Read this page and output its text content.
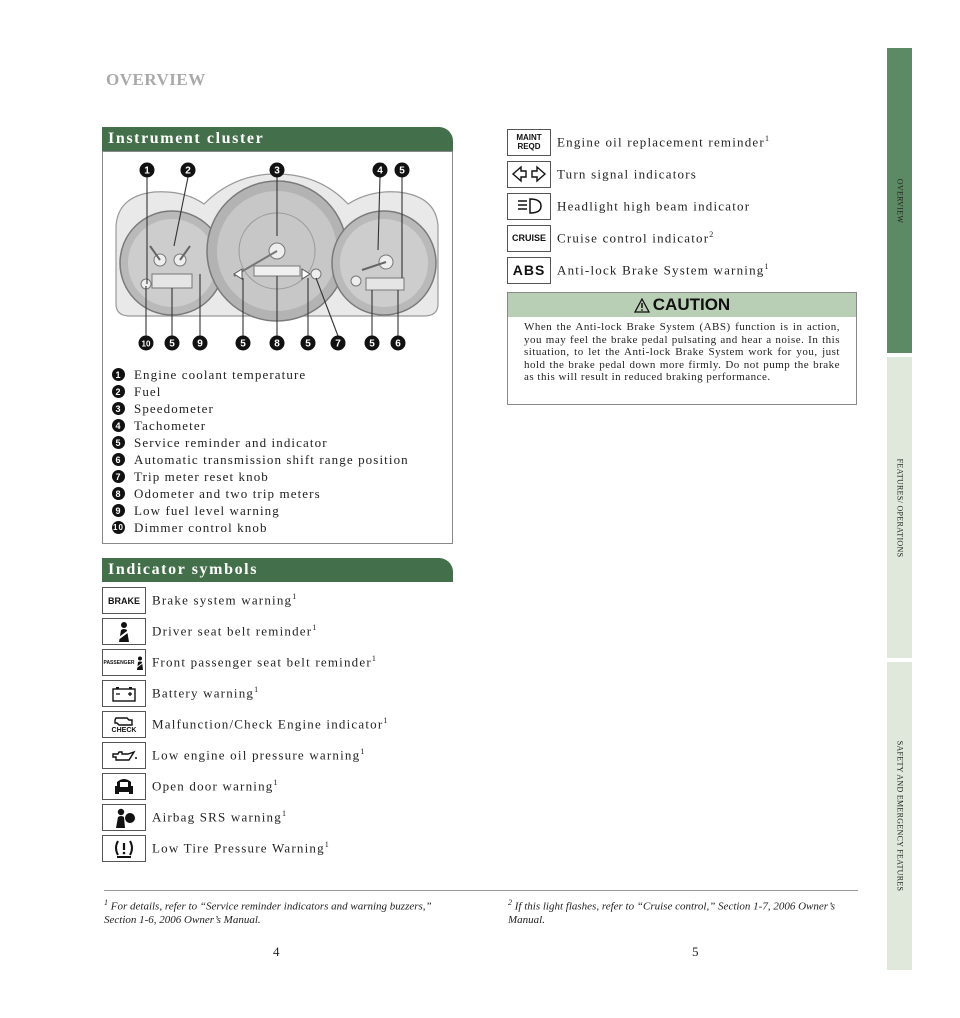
OVERVIEW
Instrument cluster
1	2	3	4 5
10 5 9	5	8	5 7	5 6
1 Engine coolant temperature
2 Fuel
3 Speedometer
4 Tachometer
5 Service reminder and indicator
6 Automatic transmission shift range position
7 Trip meter reset knob
8 Odometer and two trip meters
9 Low fuel level warning
10 Dimmer control knob
Indicator symbols
BRAKE Brake system warning$^1$
Driver seat belt reminder$^1$
PASSENGER Front passenger seat belt reminder$^1$
Battery warning$^1$
CHECK Malfunction/Check Engine indicator$^1$
Low engine oil pressure warning$^1$
Open door warning$^1$
Airbag SRS warning$^1$
Low Tire Pressure Warning$^1$
MAINT
REQD Engine oil replacement reminder$^1$
Turn signal indicators
Headlight high beam indicator
CRUISE Cruise control indicator$^2$
ABS Anti-lock Brake System warning$^1$
CAUTION
When the Anti-lock Brake System (ABS) function is in action, you may feel the brake pedal pulsating and hear a noise. In this situation, to let the Anti-lock Brake System work for you, just hold the brake pedal down more firmly. Do not pump the brake as this will result in reduced braking performance.
$^1$ For details, refer to “Service reminder indicators and warning buzzers,” Section 1-6, 2006 Owner’s Manual.
$^2$ If this light flashes, refer to “Cruise control,” Section 1-7, 2006 Owner’s Manual.
4	5
OVERVIEW
FEATURES/ OPERATIONS
SAFETY AND EMERGENCY FEATURES
